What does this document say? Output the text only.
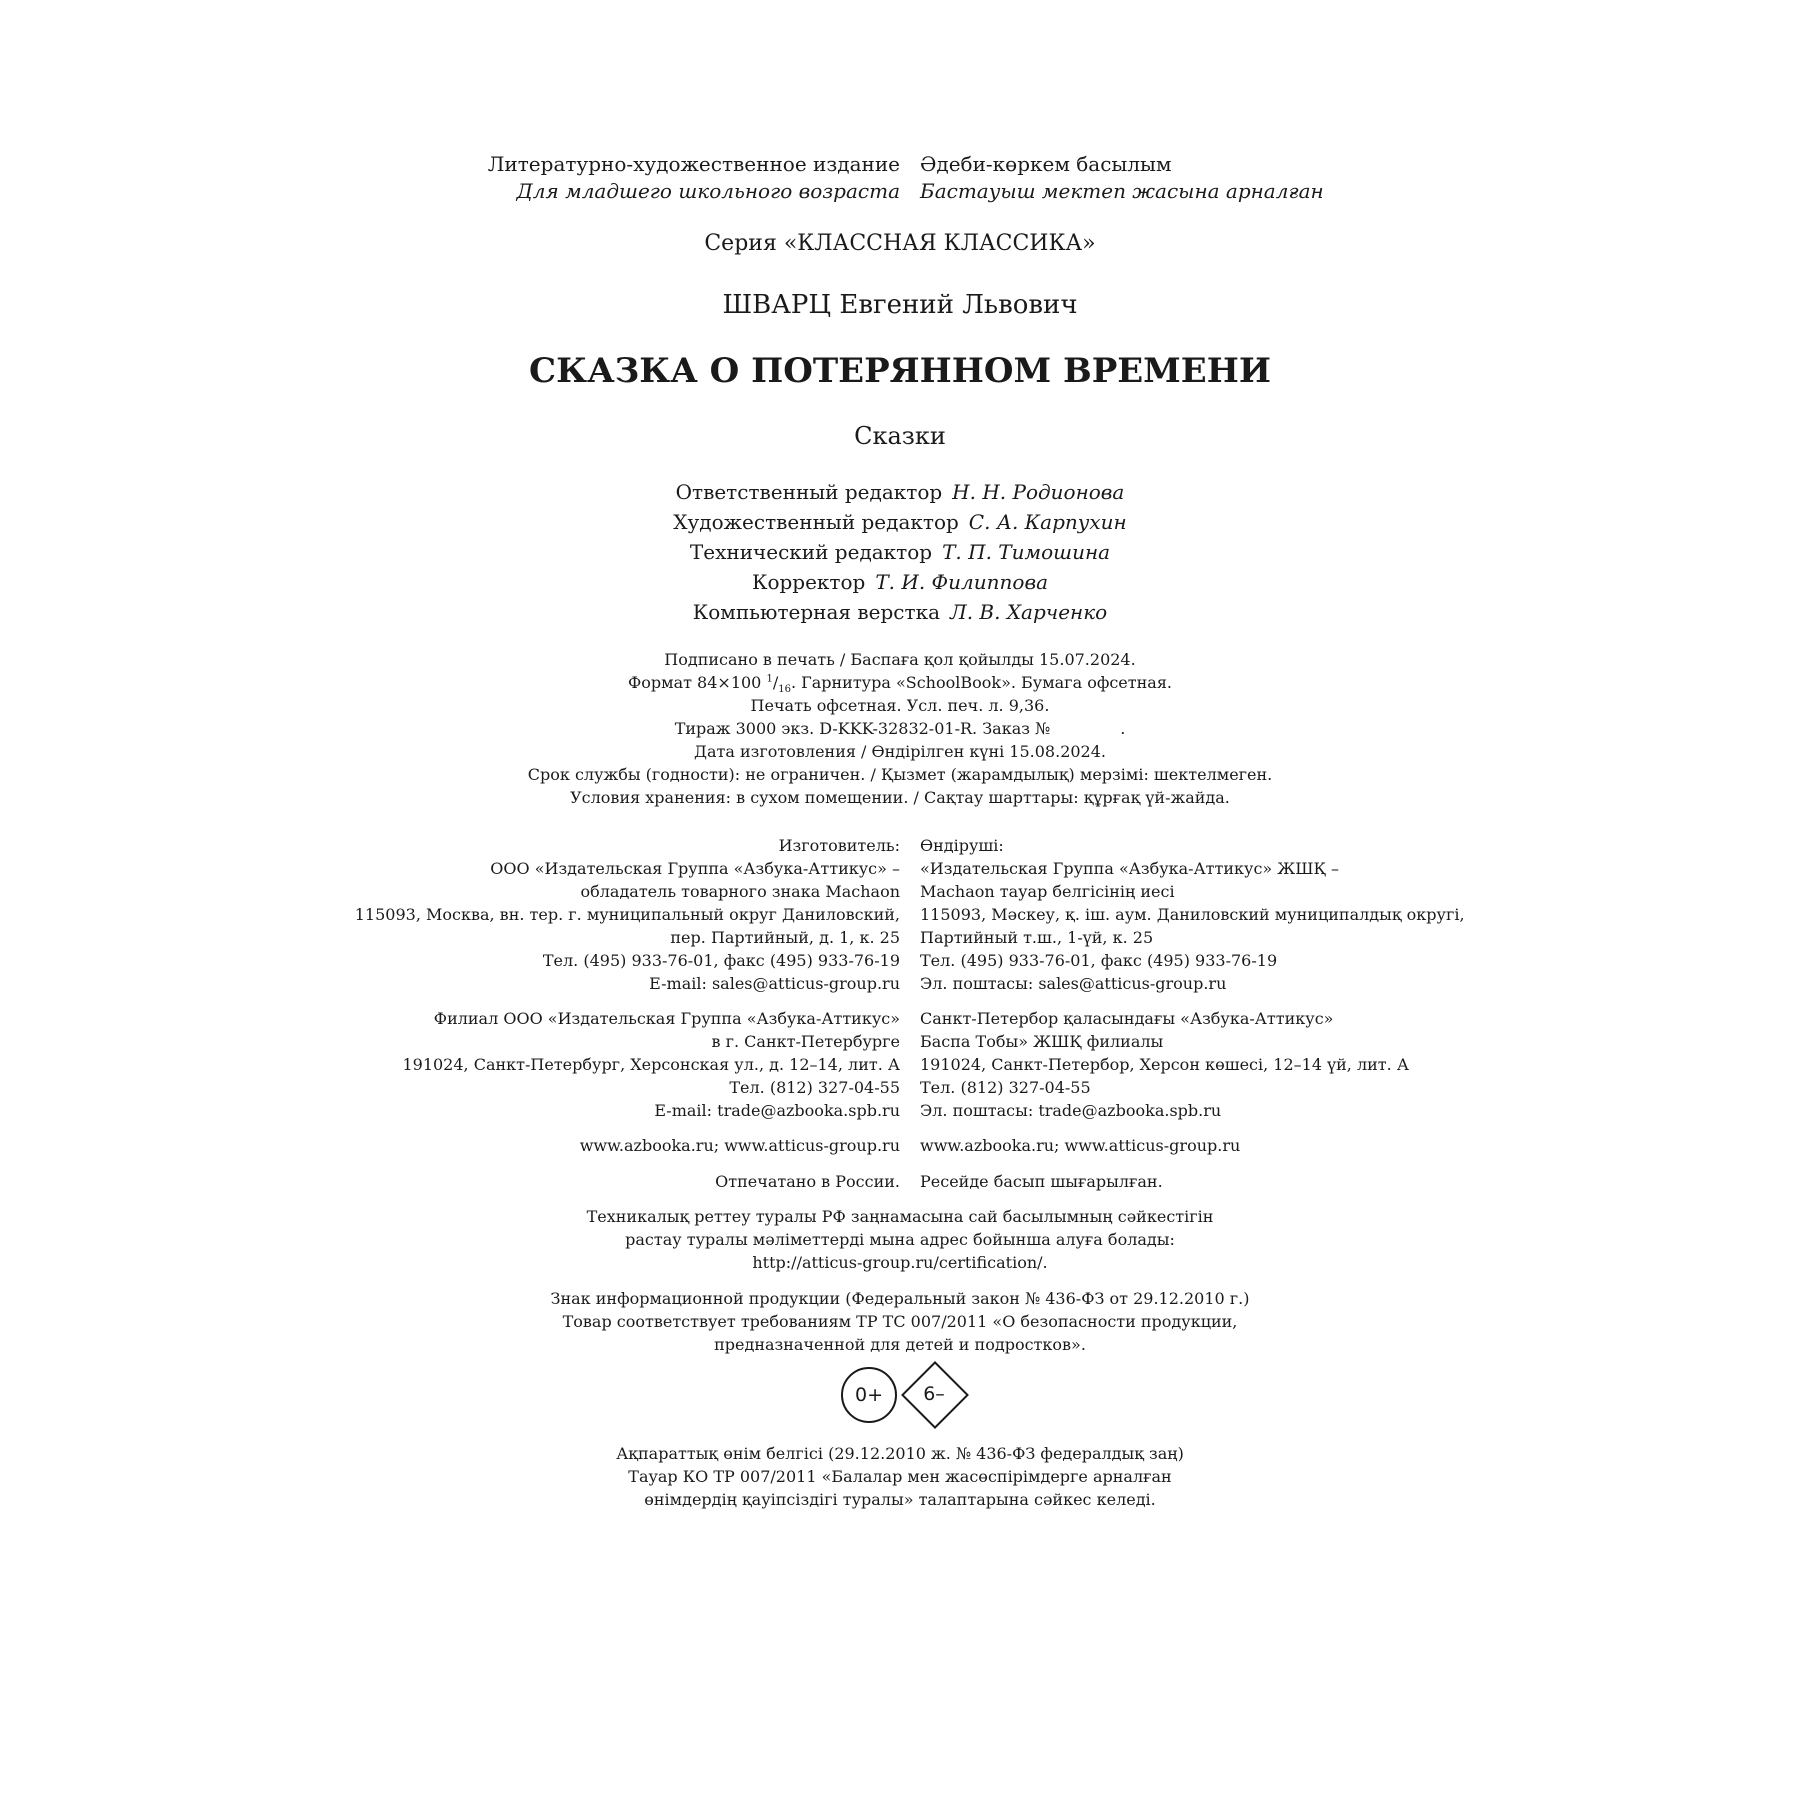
Литературно-художественное издание Әдеби-көркем басылым
Для младшего школьного возраста Бастауыш мектеп жасына арналған
Серия «КЛАССНАЯ КЛАССИКА»
ШВАРЦ Евгений Львович
СКАЗКА О ПОТЕРЯННОМ ВРЕМЕНИ
Сказки
Ответственный редактор Н. Н. Родионова
Художественный редактор С. А. Карпухин
Технический редактор Т. П. Тимошина
Корректор Т. И. Филиппова
Компьютерная верстка Л. В. Харченко
Подписано в печать / Баспаға қол қойылды 15.07.2024.
Формат 84×100 $^1/_{16}$. Гарнитура «SchoolBook». Бумага офсетная.
Печать офсетная. Усл. печ. л. 9,36.
Тираж 3000 экз. D-KKK-32832-01-R. Заказ №	.
Дата изготовления / Өндірілген күні 15.08.2024.
Срок службы (годности): не ограничен. / Қызмет (жарамдылық) мерзімі: шектелмеген.
Условия хранения: в сухом помещении. / Сақтау шарттары: құрғақ үй-жайда.
Изготовитель:
ООО «Издательская Группа «Азбука-Аттикус» –
обладатель товарного знака Machaon
115093, Москва, вн. тер. г. муниципальный округ Даниловский,
пер. Партийный, д. 1, к. 25
Тел. (495) 933-76-01, факс (495) 933-76-19
E-mail: sales@atticus-group.ru
Өндіруші:
«Издательская Группа «Азбука-Аттикус» ЖШҚ –
Machaon тауар белгісінің иесі
115093, Мәскеу, қ. іш. аум. Даниловский муниципалдық округі,
Партийный т.ш., 1-үй, к. 25
Тел. (495) 933-76-01, факс (495) 933-76-19
Эл. поштасы: sales@atticus-group.ru
Филиал ООО «Издательская Группа «Азбука-Аттикус»
в г. Санкт-Петербурге
191024, Санкт-Петербург, Херсонская ул., д. 12–14, лит. А
Тел. (812) 327-04-55
E-mail: trade@azbooka.spb.ru
Санкт-Петербор қаласындағы «Азбука-Аттикус»
Баспа Тобы» ЖШҚ филиалы
191024, Санкт-Петербор, Херсон көшесі, 12–14 үй, лит. А
Тел. (812) 327-04-55
Эл. поштасы: trade@azbooka.spb.ru
www.azbooka.ru; www.atticus-group.ru www.azbooka.ru; www.atticus-group.ru
Отпечатано в России. Ресейде басып шығарылған.
Техникалық реттеу туралы РФ заңнамасына сай басылымның сәйкестігін
растау туралы мәліметтерді мына адрес бойынша алуға болады:
http://atticus-group.ru/certification/.
Знак информационной продукции (Федеральный закон № 436-ФЗ от 29.12.2010 г.)
Товар соответствует требованиям ТР ТС 007/2011 «О безопасности продукции,
предназначенной для детей и подростков».
0+	6–
Ақпараттық өнім белгісі (29.12.2010 ж. № 436-ФЗ федералдық заң)
Тауар КО ТР 007/2011 «Балалар мен жасөспірімдерге арналған
өнімдердің қауіпсіздігі туралы» талаптарына сәйкес келеді.
